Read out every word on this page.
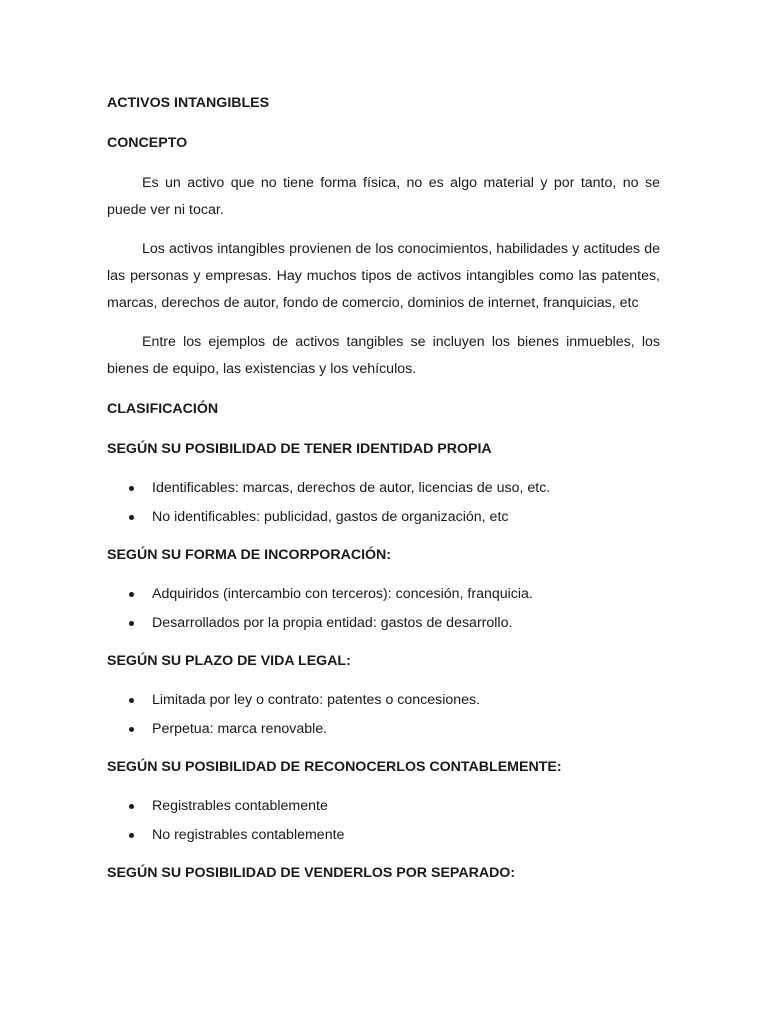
ACTIVOS INTANGIBLES

CONCEPTO

Es un activo que no tiene forma física, no es algo material y por tanto, no se puede ver ni tocar.

Los activos intangibles provienen de los conocimientos, habilidades y actitudes de las personas y empresas. Hay muchos tipos de activos intangibles como las patentes, marcas, derechos de autor, fondo de comercio, dominios de internet, franquicias, etc

Entre los ejemplos de activos tangibles se incluyen los bienes inmuebles, los bienes de equipo, las existencias y los vehículos.

CLASIFICACIÓN

SEGÚN SU POSIBILIDAD DE TENER IDENTIDAD PROPIA

Identificables: marcas, derechos de autor, licencias de uso, etc.
No identificables: publicidad, gastos de organización, etc

SEGÚN SU FORMA DE INCORPORACIÓN:

Adquiridos (intercambio con terceros): concesión, franquicia.
Desarrollados por la propia entidad: gastos de desarrollo.

SEGÚN SU PLAZO DE VIDA LEGAL:

Limitada por ley o contrato: patentes o concesiones.
Perpetua: marca renovable.

SEGÚN SU POSIBILIDAD DE RECONOCERLOS CONTABLEMENTE:

Registrables contablemente
No registrables contablemente

SEGÚN SU POSIBILIDAD DE VENDERLOS POR SEPARADO:
